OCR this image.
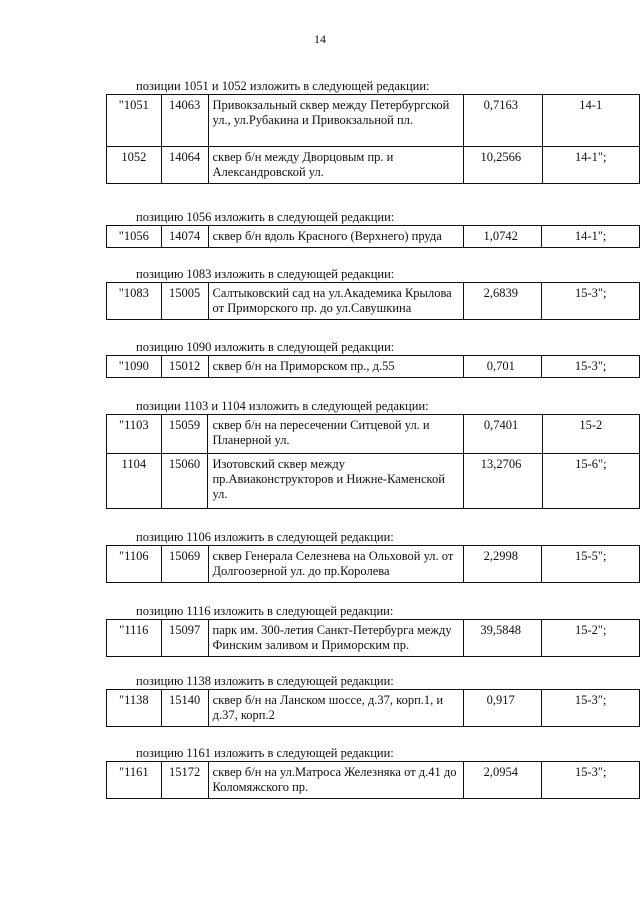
14
позиции 1051 и 1052 изложить в следующей редакции:
"1051	14063	Привокзальный сквер между Петербургской ул., ул.Рубакина и Привокзальной пл.	0,7163	14-1
1052	14064	сквер б/н между Дворцовым пр. и Александровской ул.	10,2566	14-1";
позицию 1056 изложить в следующей редакции:
"1056	14074	сквер б/н вдоль Красного (Верхнего) пруда	1,0742	14-1";
позицию 1083 изложить в следующей редакции:
"1083	15005	Салтыковский сад на ул.Академика Крылова от Приморского пр. до ул.Савушкина	2,6839	15-3";
позицию 1090 изложить в следующей редакции:
"1090	15012	сквер б/н на Приморском пр., д.55	0,701	15-3";
позиции 1103 и 1104 изложить в следующей редакции:
"1103	15059	сквер б/н на пересечении Ситцевой ул. и Планерной ул.	0,7401	15-2
1104	15060	Изотовский сквер между пр.Авиаконструкторов и Нижне-Каменской ул.	13,2706	15-6";
позицию 1106 изложить в следующей редакции:
"1106	15069	сквер Генерала Селезнева на Ольховой ул. от Долгоозерной ул. до пр.Королева	2,2998	15-5";
позицию 1116 изложить в следующей редакции:
"1116	15097	парк им. 300-летия Санкт-Петербурга между Финским заливом и Приморским пр.	39,5848	15-2";
позицию 1138 изложить в следующей редакции:
"1138	15140	сквер б/н на Ланском шоссе, д.37, корп.1, и д.37, корп.2	0,917	15-3";
позицию 1161 изложить в следующей редакции:
"1161	15172	сквер б/н на ул.Матроса Железняка от д.41 до Коломяжского пр.	2,0954	15-3";
